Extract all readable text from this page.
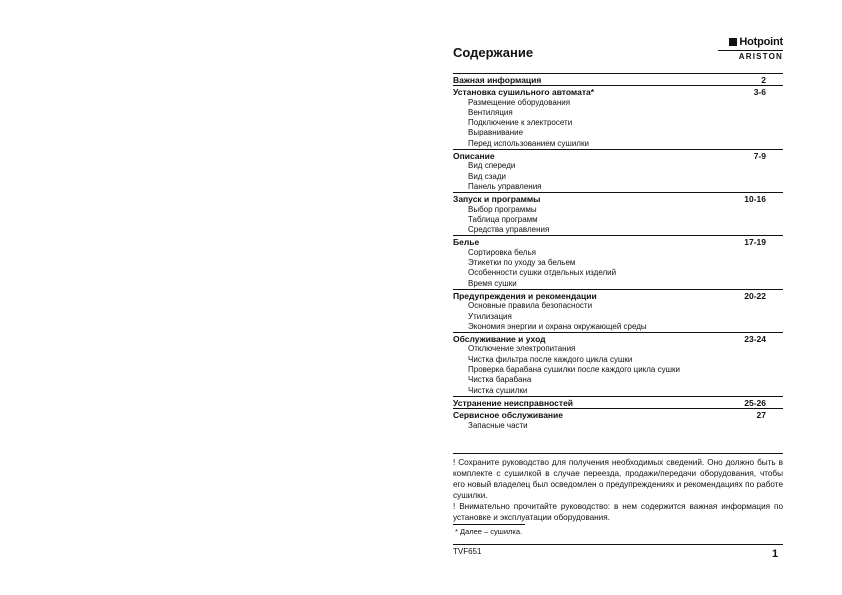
Содержание
Hotpoint
ARISTON
Важная информация	2
Установка сушильного автомата*	3-6
Размещение оборудования
Вентиляция
Подключение к электросети
Выравнивание
Перед использованием сушилки
Описание	7-9
Вид спереди
Вид сзади
Панель управления
Запуск и программы	10-16
Выбор программы
Таблица программ
Средства управления
Белье	17-19
Сортировка белья
Этикетки по уходу за бельем
Особенности сушки отдельных изделий
Время сушки
Предупреждения и рекомендации	20-22
Основные правила безопасности
Утилизация
Экономия энергии и охрана окружающей среды
Обслуживание и уход	23-24
Отключение электропитания
Чистка фильтра после каждого цикла сушки
Проверка барабана сушилки после каждого цикла сушки
Чистка барабана
Чистка сушилки
Устранение неисправностей	25-26
Сервисное обслуживание	27
Запасные части

! Сохраните руководство для получения необходимых сведений. Оно должно быть в комплекте с сушилкой в случае переезда, продажи/передачи оборудования, чтобы его новый владелец был осведомлен о предупреждениях и рекомендациях по работе сушилки.

! Внимательно прочитайте руководство: в нем содержится важная информация по установке и эксплуатации оборудования.

* Далее – сушилка.
TVF651	1
